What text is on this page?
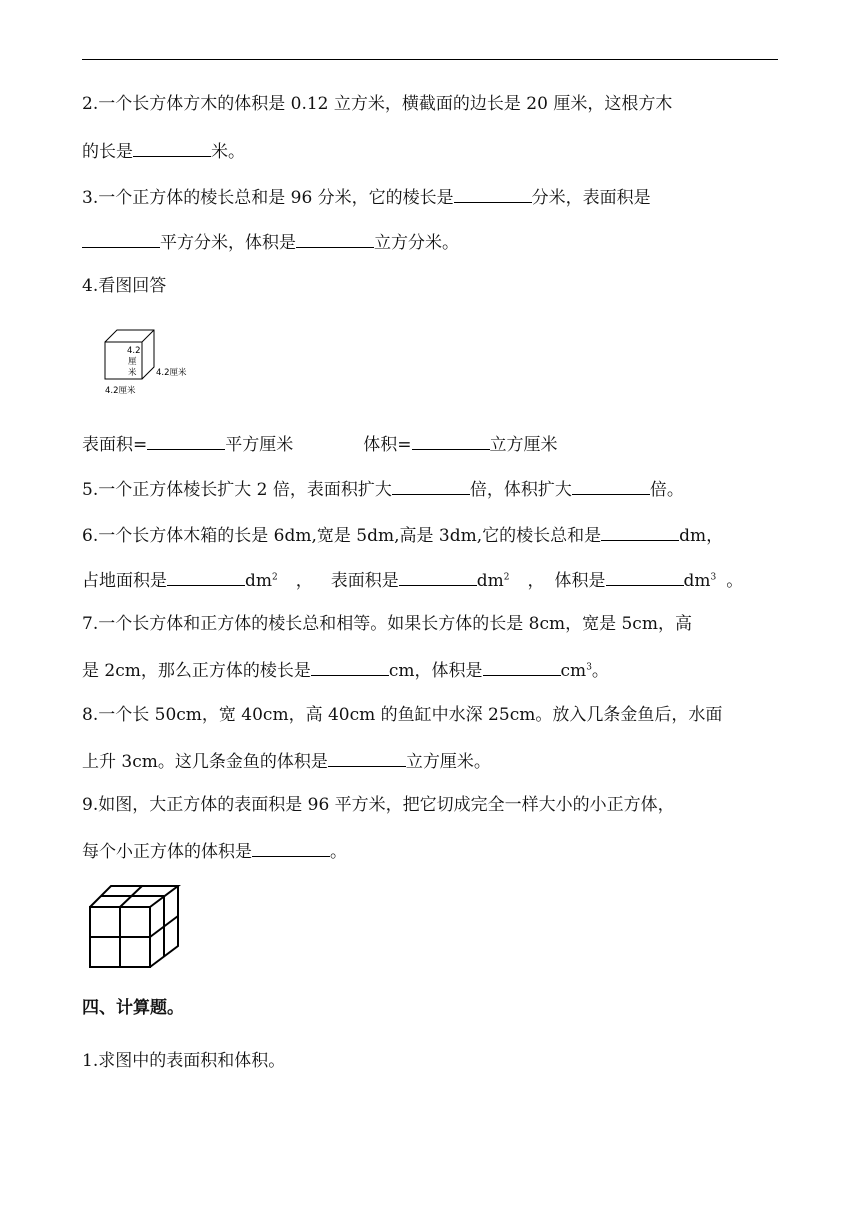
2.一个长方体方木的体积是 0.12 立方米，横截面的边长是 20 厘米，这根方木
的长是	米。
3.一个正方体的棱长总和是 96 分米，它的棱长是	分米，表面积是
平方分米，体积是	立方分米。
4.看图回答
4.2
厘
米 4.2厘米
4.2厘米
表面积=	平方厘米	体积=	立方厘米
5.一个正方体棱长扩大 2 倍，表面积扩大	倍，体积扩大	倍。
6.一个长方体木箱的长是 6dm,宽是 5dm,高是 3dm,它的棱长总和是	dm，
占地面积是	$dm^2$ ， 表面积是	$dm^2$ ， 体积是	$dm^3$ 。
7.一个长方体和正方体的棱长总和相等。如果长方体的长是 8cm，宽是 5cm，高
是 2cm，那么正方体的棱长是	cm，体积是	$cm^3$。
8.一个长 50cm，宽 40cm，高 40cm 的鱼缸中水深 25cm。放入几条金鱼后，水面
上升 3cm。这几条金鱼的体积是	立方厘米。
9.如图，大正方体的表面积是 96 平方米，把它切成完全一样大小的小正方体，
每个小正方体的体积是	。
四、计算题。
1.求图中的表面积和体积。
